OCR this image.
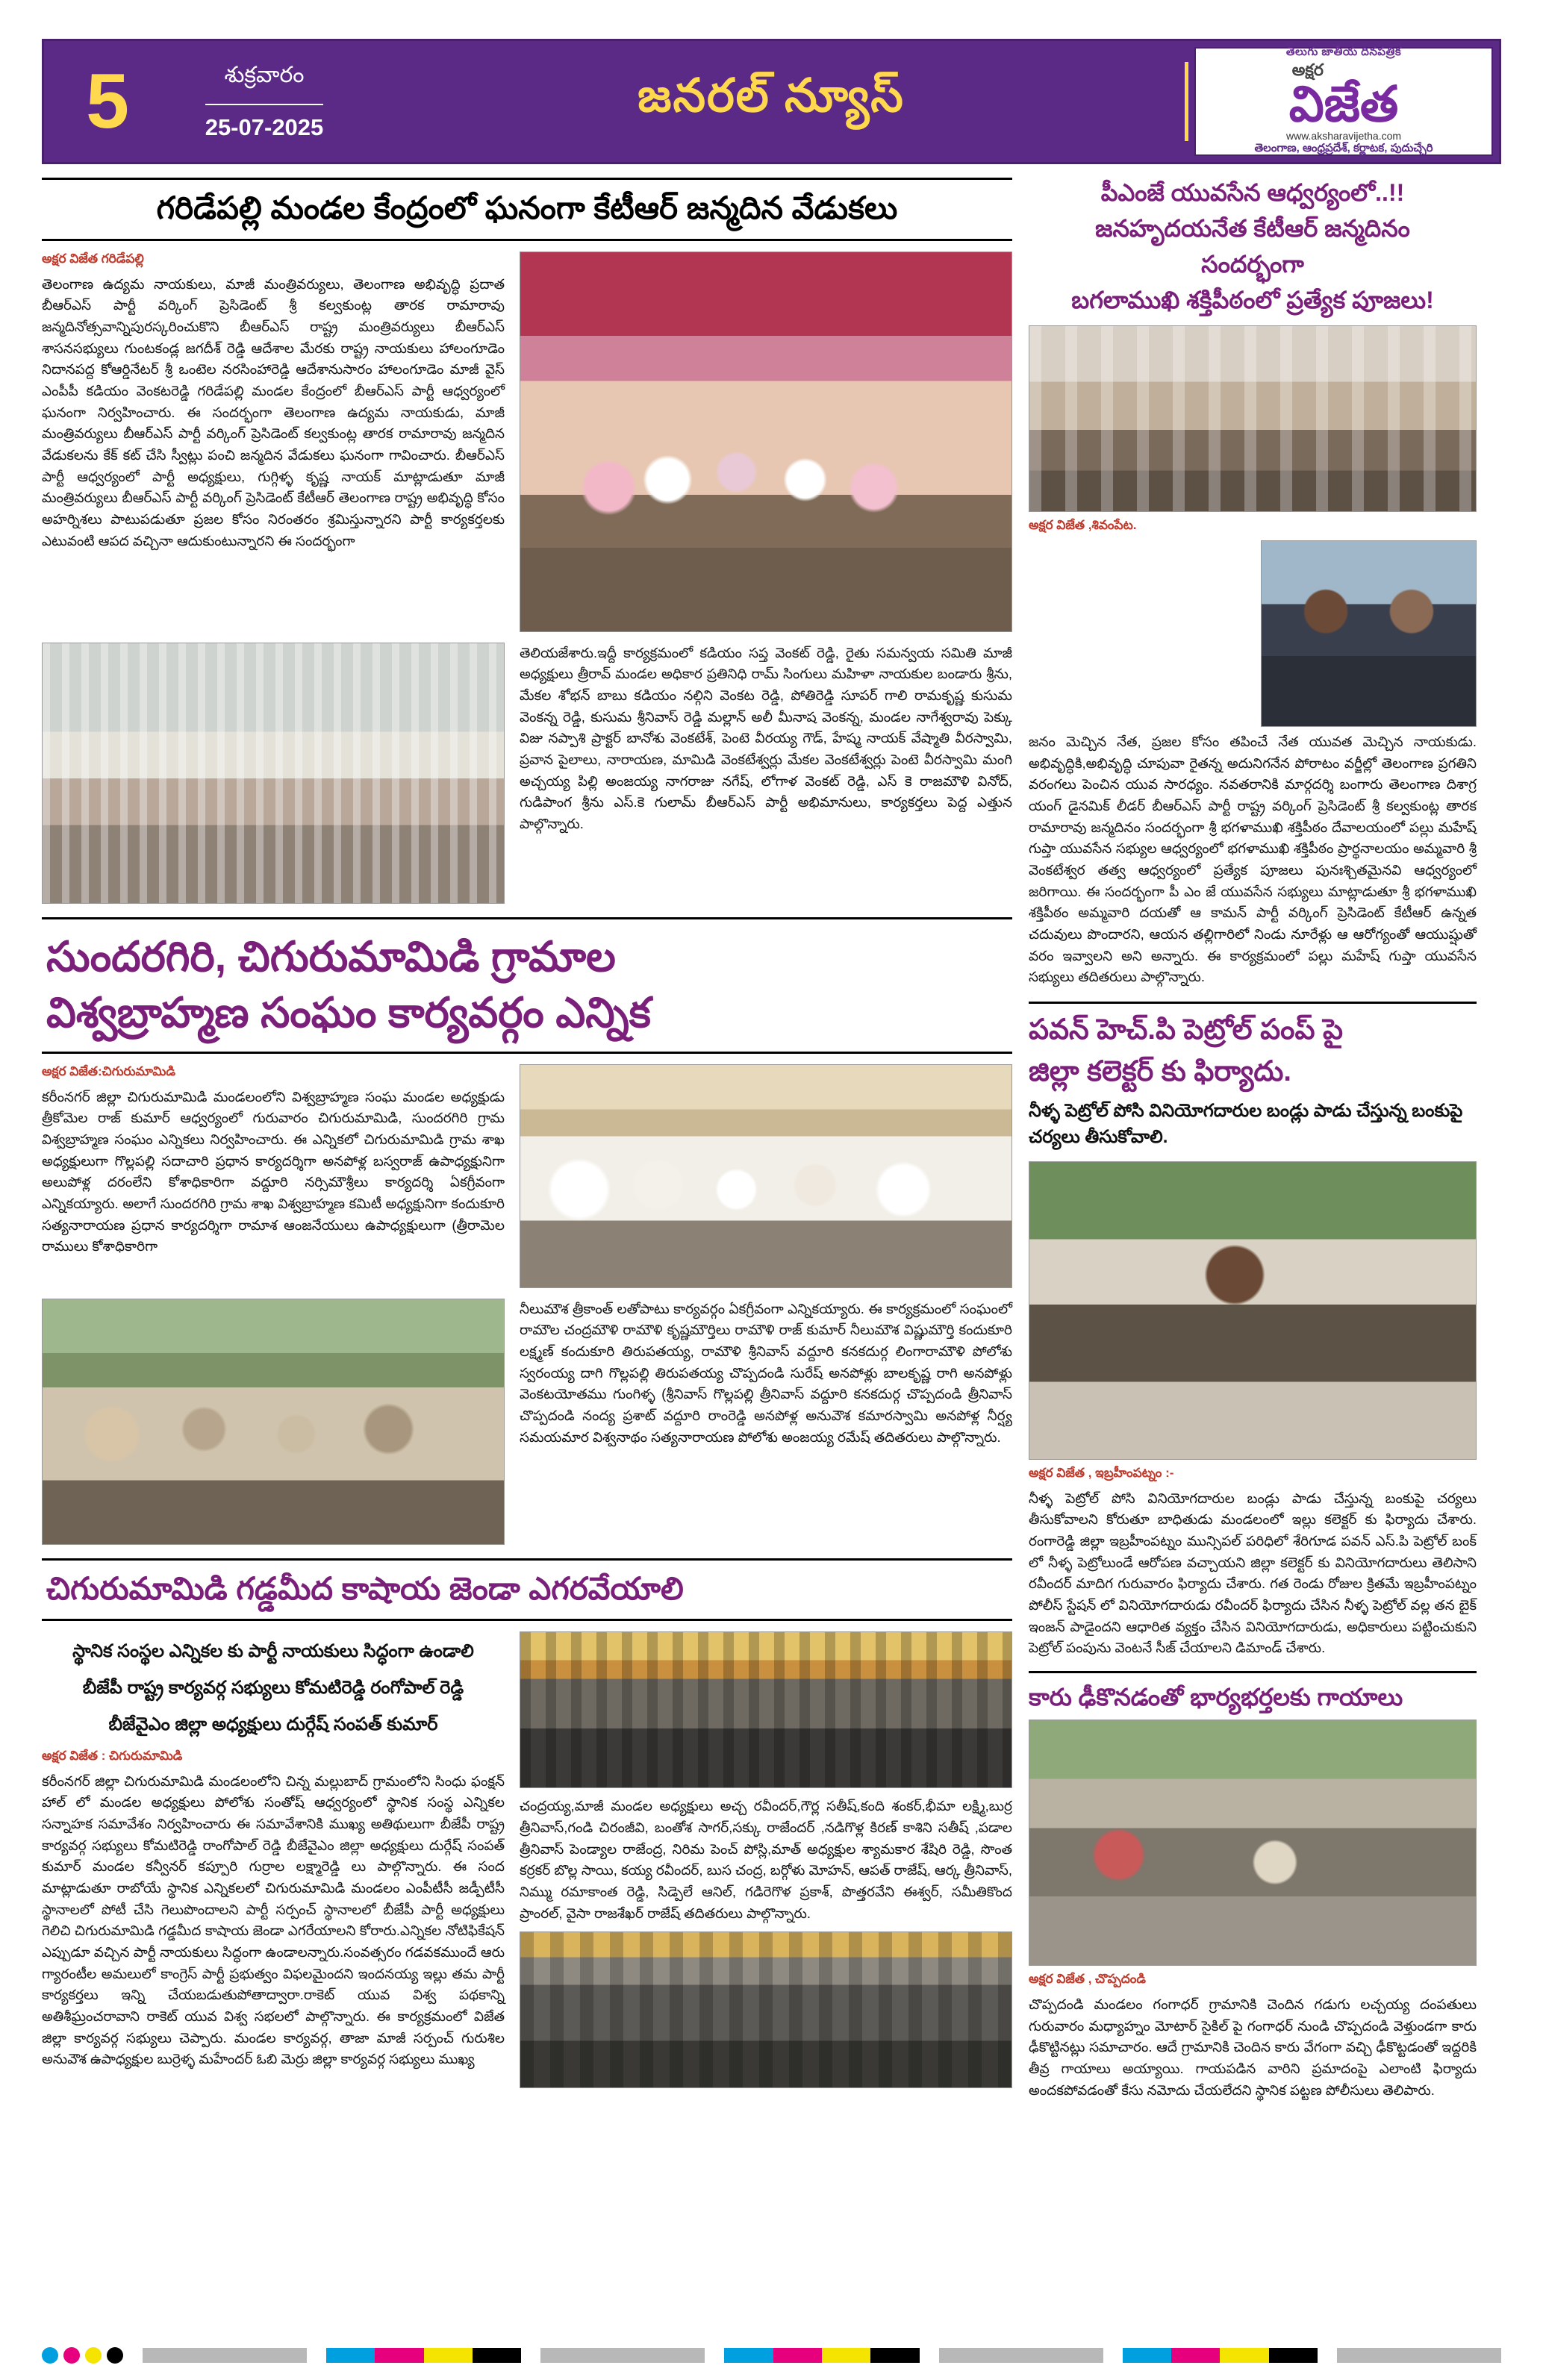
5	శుక్రవారం
25-07-2025
జనరల్ న్యూస్
తెలుగు జాతీయ దినపత్రిక
అక్షర
విజేత
www.aksharavijetha.com
తెలంగాణ, ఆంధ్రప్రదేశ్, కర్ణాటక, పుదుచ్చేరి
గరిడేపల్లి మండల కేంద్రంలో ఘనంగా కేటీఆర్ జన్మదిన వేడుకలు
అక్షర విజేత గరిడేపల్లి
తెలంగాణ ఉద్యమ నాయకులు, మాజీ మంత్రివర్యులు, తెలంగాణ అభివృద్ధి ప్రదాత బీఆర్ఎస్ పార్టీ వర్కింగ్ ప్రెసిడెంట్ శ్రీ కల్వకుంట్ల తారక రామారావు జన్మదినోత్సవాన్నిపురస్కరించుకొని బీఆర్ఎస్ రాష్ట్ర మంత్రివర్యులు బీఆర్ఎస్ శాసనసభ్యులు గుంటకండ్ల జగదీశ్ రెడ్డి ఆదేశాల మేరకు రాష్ట్ర నాయకులు హాలంగూడెం నిదానపద్ద కోఆర్డినేటర్ శ్రీ ఒంటెల నరసింహారెడ్డి ఆదేశానుసారం హాలంగూడెం మాజీ వైస్ ఎంపీపీ కడియం వెంకటరెడ్డి గరిడేపల్లి మండల కేంద్రంలో బీఆర్ఎస్ పార్టీ ఆధ్వర్యంలో ఘనంగా నిర్వహించారు. ఈ సందర్భంగా తెలంగాణ ఉద్యమ నాయకుడు, మాజీ మంత్రివర్యులు బీఆర్ఎస్ పార్టీ వర్కింగ్ ప్రెసిడెంట్ కల్వకుంట్ల తారక రామారావు జన్మదిన వేడుకలను కేక్ కట్ చేసి స్వీట్లు పంచి జన్మదిన వేడుకలు ఘనంగా గావించారు. బీఆర్ఎస్ పార్టీ ఆధ్వర్యంలో పార్టీ అధ్యక్షులు, గుగ్గిళ్ళ కృష్ణ నాయక్ మాట్లాడుతూ మాజీ మంత్రివర్యులు బీఆర్ఎస్ పార్టీ వర్కింగ్ ప్రెసిడెంట్ కేటీఆర్ తెలంగాణ రాష్ట్ర అభివృద్ధి కోసం అహర్నిశలు పాటుపడుతూ ప్రజల కోసం నిరంతరం శ్రమిస్తున్నారని పార్టీ కార్యకర్తలకు ఎటువంటి ఆపద వచ్చినా ఆదుకుంటున్నారని ఈ సందర్భంగా
తెలియజేశారు.ఇద్దీ కార్యక్రమంలో కడియం సప్త వెంకట్ రెడ్డి, రైతు సమన్వయ సమితి మాజీ అధ్యక్షులు త్రీరావ్ మండల అధికార ప్రతినిధి రామ్ సింగులు మహిళా నాయకుల బండారు శ్రీను, మేకల శోభన్ బాబు కడియం నల్గిని వెంకట రెడ్డి, పోతిరెడ్డి సూపర్ గాలి రామకృష్ణ కుసుమ వెంకన్న రెడ్డి, కుసుమ శ్రీనివాస్ రెడ్డి మల్లాన్ అలీ మీనాష వెంకన్న, మండల నాగేశ్వరావు పెక్కు విజు నప్పాశి ప్రాక్టర్ బానోశు వెంకటేశ్, పెంటె వీరయ్య గౌడ్, హేష్మ నాయక్ వేష్మాతి వీరస్వామి, ప్రవాన పైలాలు, నారాయణ, మామిడి వెంకటేశ్వర్లు మేకల వెంకటేశ్వర్లు పెంటె వీరస్వామి మంగి అచ్చయ్య పిల్లి అంజయ్య నాగరాజు నగేష్, లోగాళ వెంకట్ రెడ్డి, ఎస్ కె రాజమౌళి వినోద్, గుడిపాంగ శ్రీను ఎస్.కె గులామ్ బీఆర్ఎస్ పార్టీ అభిమానులు, కార్యకర్తలు పెద్ద ఎత్తున పాల్గొన్నారు.
సుందరగిరి, చిగురుమామిడి గ్రామాల
విశ్వబ్రాహ్మణ సంఘం కార్యవర్గం ఎన్నిక
అక్షర విజేత:చిగురుమామిడి
కరీంనగర్ జిల్లా చిగురుమామిడి మండలంలోని విశ్వబ్రాహ్మణ సంఘ మండల అధ్యక్షుడు త్రీకోమెల రాజ్ కుమార్ ఆధ్వర్యంలో గురువారం చిగురుమామిడి, సుందరగిరి గ్రామ విశ్వబ్రాహ్మణ సంఘం ఎన్నికలు నిర్వహించారు. ఈ ఎన్నికలో చిగురుమామిడి గ్రామ శాఖ అధ్యక్షులుగా గొల్లపల్లి సదాచారి ప్రధాన కార్యదర్శిగా అనపోళ్ల బస్వరాజ్ ఉపాధ్యక్షునిగా అలుపోళ్ల దరంలేని కోశాధికారిగా వద్దూరి నర్సిమౌశ్రీలు కార్యదర్శి ఏకగ్రీవంగా ఎన్నికయ్యారు. అలాగే సుందరగిరి గ్రామ శాఖ విశ్వబ్రాహ్మణ కమిటీ అధ్యక్షునిగా కందుకూరి సత్యనారాయణ ప్రధాన కార్యదర్శిగా రామాశ ఆంజనేయులు ఉపాధ్యక్షులుగా (త్రీరామెల రాములు కోశాధికారిగా
నీలుమౌశ త్రీకాంత్ లతోపాటు కార్యవర్గం ఏకగ్రీవంగా ఎన్నికయ్యారు. ఈ కార్యక్రమంలో సంఘంలో రామౌల చంద్రమౌళి రామౌళి కృష్ణమౌర్తిలు రామౌళి రాజ్ కుమార్ నీలుమౌశ విష్ణుమౌర్తి కందుకూరి లక్ష్మణ్ కందుకూరి తిరుపతయ్య, రామౌళి శ్రీనివాస్ వద్దూరి కనకదుర్గ లింగారామౌళి పోలోశు స్వరంయ్య దాగి గొల్లపల్లి తిరుపతయ్య చొప్పదండి సురేష్ అనపోళ్లు బాలకృష్ణ రాగి అనపోళ్లు వెంకటయోతము గుంగిళ్ళ (శ్రీనివాస్ గొల్లపల్లి త్రీనివాస్ వద్దూరి కనకదుర్గ చొప్పదండి త్రీనివాస్ చొప్పదండి నంద్య ప్రశాట్ వద్దూరి రాంరెడ్డి అనపోళ్ల అనువౌశ కమారస్వామి అనపోళ్ల నీర్ష్య సమయమార విశ్వనాథం సత్యనారాయణ పోలోశు అంజయ్య రమేష్ తదితరులు పాల్గొన్నారు.
చిగురుమామిడి గడ్డమీద కాషాయ జెండా ఎగరవేయాలి
స్థానిక సంస్థల ఎన్నికల కు పార్టీ నాయకులు సిద్ధంగా ఉండాలి
బీజేపీ రాష్ట్ర కార్యవర్గ సభ్యులు కోమటిరెడ్డి రంగోపాల్ రెడ్డి
బీజేవైఎం జిల్లా అధ్యక్షులు దుర్గేష్ సంపత్ కుమార్
అక్షర విజేత : చిగురుమామిడి
కరీంనగర్ జిల్లా చిగురుమామిడి మండలంలోని చిన్న మల్లుబాద్ గ్రామంలోని సింధు ఫంక్షన్ హాల్ లో మండల అధ్యక్షులు పోలోశు సంతోష్ ఆధ్వర్యంలో స్థానిక సంస్థ ఎన్నికల సన్నాహక సమావేశం నిర్వహించారు ఈ సమావేశానికి ముఖ్య అతిథులుగా బీజేపీ రాష్ట్ర కార్యవర్గ సభ్యులు కోమటిరెడ్డి రాంగోపాల్ రెడ్డి బీజేవైఎం జిల్లా అధ్యక్షులు దుర్గేష్ సంపత్ కుమార్ మండల కన్వీనర్ కప్పూరి గుర్రాల లక్ష్మారెడ్డి లు పాల్గొన్నారు. ఈ సంద మాట్లాడుతూ రాబోయే స్థానిక ఎన్నికలలో చిగురుమామిడి మండలం ఎంపీటీసీ జడ్పీటీసీ స్థానాలలో పోటీ చేసి గెలుపొందాలని పార్టీ సర్పంచ్ స్థానాలలో బీజేపీ పార్టీ అధ్యక్షులు గెలిచి చిగురుమామిడి గడ్డమీద కాషాయ జెండా ఎగరేయాలని కోరారు.ఎన్నికల నోటిఫికేషన్ ఎప్పుడూ వచ్చిన పార్టీ నాయకులు సిద్ధంగా ఉండాలన్నారు.సంవత్సరం గడవకముందే ఆరు గ్యారంటీల అమలులో కాంగ్రెస్ పార్టీ ప్రభుత్వం విఫలమైందని ఇందనయ్య ఇల్లు తమ పార్టీ కార్యకర్తలు ఇన్ని చేయబడుతుపోతాద్వారా.రాకెట్ యువ విశ్వ పథకాన్ని అతిశీఘ్రంచరావాని రాకెట్ యువ విశ్వ సభలలో పాల్గొన్నారు. ఈ కార్యక్రమంలో విజేత జిల్లా కార్యవర్గ సభ్యులు చెప్పారు. మండల కార్యవర్గ, తాజా మాజీ సర్పంచ్ గురుశిల అనువౌశ ఉపాధ్యక్షుల బుర్రెళ్ళ మహేందర్ ఓబి మెర్రు జిల్లా కార్యవర్గ సభ్యులు ముఖ్య
చంద్రయ్య,మాజీ మండల అధ్యక్షులు అచ్చ రవీందర్,గౌర్ల సతీష్,కంది శంకర్,భీమా లక్ష్మి,బుర్ర త్రీనివాస్,గండి చిరంజీవి, బంతోశ సాగర్,సక్కు రాజేందర్ ,నడిగొళ్ల కిరణ్ కాశిని సతీష్ ,పడాల త్రీనివాస్ పెండ్యాల రాజేంద్ర, నిరిమ పెంచ్ పోస్లి,మాత్ అధ్యక్షుల శ్యామకార శేషిరి రెడ్డి, సొంత కర్రకర్ బొల్ల సాయి, కయ్య రవీందర్, బుస చంద్ర, బర్గోళు మోహన్, ఆపత్ రాజేష్, ఆర్క త్రీనివాస్, నిమ్ము రమాకాంత రెడ్డి, సిడ్పెలే ఆనిల్, గడిరెగొళ ప్రకాశ్, పొత్తరవేని ఈశ్వర్, సమీతికొంద ప్రాంరల్, వైసా రాజశేఖర్ రాజేష్ తదితరులు పాల్గొన్నారు.
పీఎంజే యువసేన ఆధ్వర్యంలో..!!
జనహృదయనేత కేటీఆర్ జన్మదినం
సందర్భంగా
బగలాముఖి శక్తిపీఠంలో ప్రత్యేక పూజలు!
అక్షర విజేత ,శివంపేట.
జనం మెచ్చిన నేత, ప్రజల కోసం తపించే నేత యువత మెచ్చిన నాయకుడు. అభివృద్ధికి,అభివృద్ధి చూపువా రైతన్న అదునిగనేన పోరాటం వర్జీల్లో తెలంగాణ ప్రగతిని వరంగలు పెంచిన యువ సారధ్యం. నవతరానికి మార్గదర్శి బంగారు తెలంగాణ దిశాగ్ర యంగ్ డైనమిక్ లీడర్ బీఆర్ఎస్ పార్టీ రాష్ట్ర వర్కింగ్ ప్రెసిడెంట్ శ్రీ కల్వకుంట్ల తారక రామారావు జన్మదినం సందర్భంగా శ్రీ భగళాముఖి శక్తిపీఠం దేవాలయంలో పల్లు మహేష్ గుప్తా యువసేన సభ్యుల ఆధ్వర్యంలో భగళాముఖి శక్తిపీఠం ప్రార్థనాలయం అమ్మవారి శ్రీ వెంకటేశ్వర తత్వ ఆధ్వర్యంలో ప్రత్యేక పూజలు పునఃశ్చితమైనవి ఆధ్వర్యంలో జరిగాయి. ఈ సందర్భంగా పీ ఎం జే యువసేన సభ్యులు మాట్లాడుతూ శ్రీ భగళాముఖి శక్తిపీఠం అమ్మవారి దయతో ఆ కామన్ పార్టీ వర్కింగ్ ప్రెసిడెంట్ కేటీఆర్ ఉన్నత చదువులు పొందారని, ఆయన తల్లిగారిలో నిండు నూరేళ్లు ఆ ఆరోగ్యంతో ఆయుష్షుతో వరం ఇవ్వాలని అని అన్నారు. ఈ కార్యక్రమంలో పల్లు మహేష్ గుప్తా యువసేన సభ్యులు తదితరులు పాల్గొన్నారు.
పవన్ హెచ్.పి పెట్రోల్ పంప్ పై
జిల్లా కలెక్టర్ కు ఫిర్యాదు.
నీళ్ళ పెట్రోల్ పోసి వినియోగదారుల బండ్లు పాడు చేస్తున్న బంకుపై చర్యలు తీసుకోవాలి.
అక్షర విజేత , ఇబ్రహీంపట్నం :-
నీళ్ళ పెట్రోల్ పోసి వినియోగదారుల బండ్లు పాడు చేస్తున్న బంకుపై చర్యలు తీసుకోవాలని కోరుతూ బాధితుడు మండలంలో ఇల్లు కలెక్టర్ కు ఫిర్యాదు చేశారు. రంగారెడ్డి జిల్లా ఇబ్రహీంపట్నం మున్సిపల్ పరిధిలో శేరిగూడ పవన్ ఎస్.పి పెట్రోల్ బంక్ లో నీళ్ళ పెట్రోలుండే ఆరోపణ వచ్చాయని జిల్లా కలెక్టర్ కు వినియోగదారులు తెలిసాని రవీందర్ మాదిగ గురువారం ఫిర్యాదు చేశారు. గత రెండు రోజుల క్రితమే ఇబ్రహీంపట్నం పోలీస్ స్టేషన్ లో వినియోగదారుడు రవీందర్ ఫిర్యాదు చేసిన నీళ్ళ పెట్రోల్ వల్ల తన బైక్ ఇంజన్ పాడైందని ఆధారిత వ్యక్తం చేసిన వినియోగదారుడు, అధికారులు పట్టించుకుని పెట్రోల్ పంపును వెంటనే సీజ్ చేయాలని డిమాండ్ చేశారు.
కారు ఢీకొనడంతో భార్యభర్తలకు గాయాలు
అక్షర విజేత , చొప్పదండి
చొప్పదండి మండలం గంగాధర్ గ్రామానికి చెందిన గడుగు లచ్చయ్య దంపతులు గురువారం మధ్యాహ్నం మోటార్ సైకిల్ పై గంగాధర్ నుండి చొప్పదండి వెళ్తుండగా కారు ఢీకొట్టినట్లు సమాచారం. ఆదే గ్రామానికి చెందిన కారు వేగంగా వచ్చి ఢీకొట్టడంతో ఇద్దరికి తీవ్ర గాయాలు అయ్యాయి. గాయపడిన వారిని ప్రమాదంపై ఎలాంటి ఫిర్యాదు అందకపోవడంతో కేసు నమోదు చేయలేదని స్థానిక పట్టణ పోలీసులు తెలిపారు.
